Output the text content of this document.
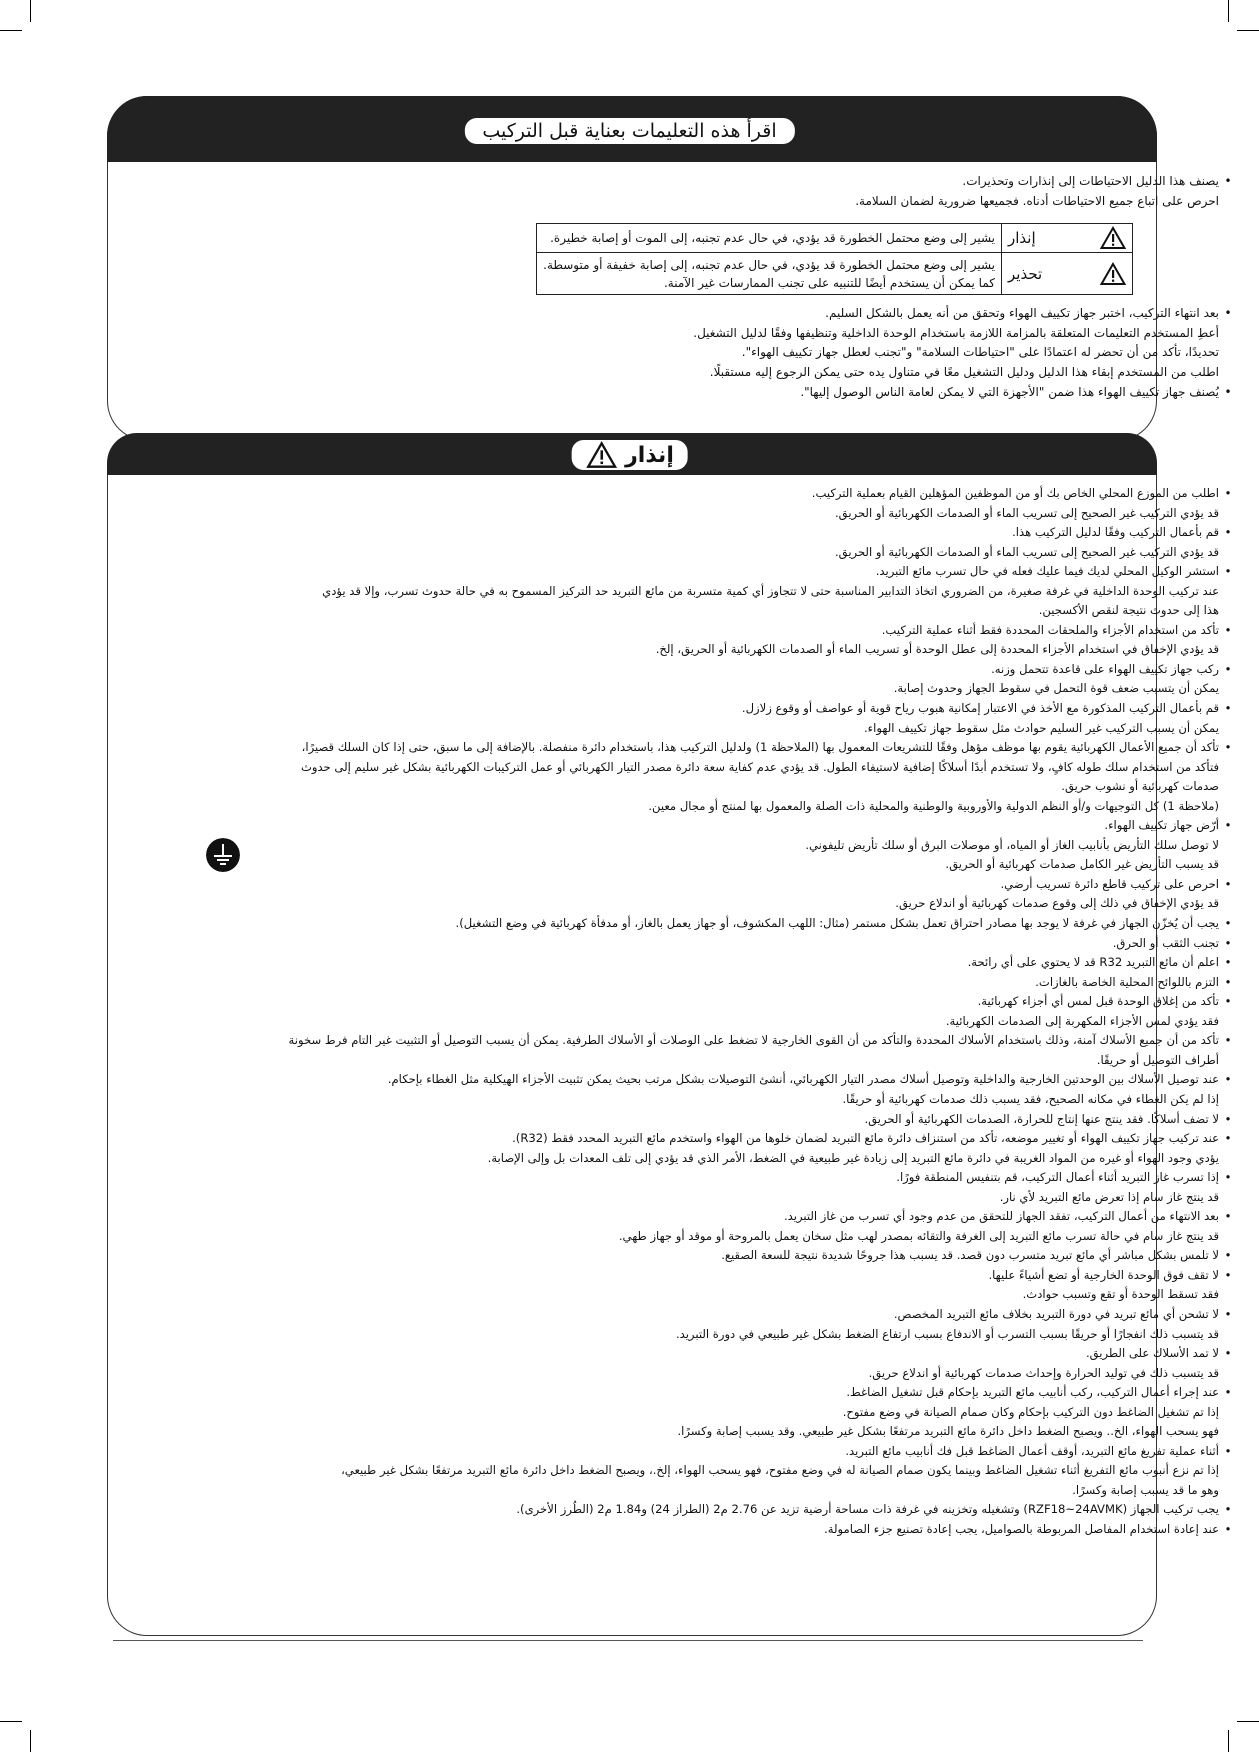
اقرأ هذه التعليمات بعناية قبل التركيب

• يصنف هذا الدليل الاحتياطات إلى إنذارات وتحذيرات.

احرص على اتباع جميع الاحتياطات أدناه. فجميعها ضرورية لضمان السلامة.

إنذار	يشير إلى وضع محتمل الخطورة قد يؤدي، في حال عدم تجنبه، إلى الموت أو إصابة خطيرة.

تحذير	يشير إلى وضع محتمل الخطورة قد يؤدي، في حال عدم تجنبه، إلى إصابة خفيفة أو متوسطة.
كما يمكن أن يستخدم أيضًا للتنبيه على تجنب الممارسات غير الآمنة.

• بعد انتهاء التركيب، اختبر جهاز تكييف الهواء وتحقق من أنه يعمل بالشكل السليم.

أعطِ المستخدم التعليمات المتعلقة بالمزامة اللازمة باستخدام الوحدة الداخلية وتنظيفها وفقًا لدليل التشغيل.

تحديدًا، تأكد من أن تحضر له اعتمادًا على "احتياطات السلامة" و"تجنب لعطل جهاز تكييف الهواء".

اطلب من المستخدم إبقاء هذا الدليل ودليل التشغيل معًا في متناول يده حتى يمكن الرجوع إليه مستقبلًا.

• يُصنف جهاز تكييف الهواء هذا ضمن "الأجهزة التي لا يمكن لعامة الناس الوصول إليها".

إنذار

• اطلب من الموزع المحلي الخاص بك أو من الموظفين المؤهلين القيام بعملية التركيب.

قد يؤدي التركيب غير الصحيح إلى تسريب الماء أو الصدمات الكهربائية أو الحريق.

• قم بأعمال التركيب وفقًا لدليل التركيب هذا.

قد يؤدي التركيب غير الصحيح إلى تسريب الماء أو الصدمات الكهربائية أو الحريق.

• استشر الوكيل المحلي لديك فيما عليك فعله في حال تسرب مائع التبريد.

عند تركيب الوحدة الداخلية في غرفة صغيرة، من الضروري اتخاذ التدابير المناسبة حتى لا تتجاوز أي كمية متسربة من مائع التبريد حد التركيز المسموح به في حالة حدوث تسرب، وإلا قد يؤدي

هذا إلى حدوث نتيجة لنقص الأكسجين.

• تأكد من استخدام الأجزاء والملحقات المحددة فقط أثناء عملية التركيب.

قد يؤدي الإخفاق في استخدام الأجزاء المحددة إلى عطل الوحدة أو تسريب الماء أو الصدمات الكهربائية أو الحريق، إلخ.

• ركب جهاز تكييف الهواء على قاعدة تتحمل وزنه.

يمكن أن يتسبب ضعف قوة التحمل في سقوط الجهاز وحدوث إصابة.

• قم بأعمال التركيب المذكورة مع الأخذ في الاعتبار إمكانية هبوب رياح قوية أو عواصف أو وقوع زلازل.

يمكن أن يسبب التركيب غير السليم حوادث مثل سقوط جهاز تكييف الهواء.

• تأكد أن جميع الأعمال الكهربائية يقوم بها موظف مؤهل وفقًا للتشريعات المعمول بها (الملاحظة 1) ولدليل التركيب هذا، باستخدام دائرة منفصلة. بالإضافة إلى ما سبق، حتى إذا كان السلك قصيرًا،

فتأكد من استخدام سلك طوله كافٍ، ولا تستخدم أبدًا أسلاكًا إضافية لاستيفاء الطول. قد يؤدي عدم كفاية سعة دائرة مصدر التيار الكهربائي أو عمل التركيبات الكهربائية بشكل غير سليم إلى حدوث

صدمات كهربائية أو نشوب حريق.

(ملاحظة 1) كل التوجيهات و/أو النظم الدولية والأوروبية والوطنية والمحلية ذات الصلة والمعمول بها لمنتج أو مجال معين.

• أرّض جهاز تكييف الهواء.

لا توصل سلك التأريض بأنابيب الغاز أو المياه، أو موصلات البرق أو سلك تأريض تليفوني.

قد يسبب التأريض غير الكامل صدمات كهربائية أو الحريق.

• احرص على تركيب قاطع دائرة تسريب أرضي.

قد يؤدي الإخفاق في ذلك إلى وقوع صدمات كهربائية أو اندلاع حريق.

• يجب أن يُخزّن الجهاز في غرفة لا يوجد بها مصادر احتراق تعمل بشكل مستمر (مثال: اللهب المكشوف، أو جهاز يعمل بالغاز، أو مدفأة كهربائية في وضع التشغيل).

• تجنب الثقب أو الحرق.

• اعلم أن مائع التبريد R32 قد لا يحتوي على أي رائحة.

• التزم باللوائح المحلية الخاصة بالغازات.

• تأكد من إغلاق الوحدة قبل لمس أي أجزاء كهربائية.

فقد يؤدي لمس الأجزاء المكهربة إلى الصدمات الكهربائية.

• تأكد من أن جميع الأسلاك آمنة، وذلك باستخدام الأسلاك المحددة والتأكد من أن القوى الخارجية لا تضغط على الوصلات أو الأسلاك الطرفية. يمكن أن يسبب التوصيل أو التثبيت غير التام فرط سخونة

أطراف التوصيل أو حريقًا.

• عند توصيل الأسلاك بين الوحدتين الخارجية والداخلية وتوصيل أسلاك مصدر التيار الكهربائي، أنشئ التوصيلات بشكل مرتب بحيث يمكن تثبيت الأجزاء الهيكلية مثل الغطاء بإحكام.

إذا لم يكن الغطاء في مكانه الصحيح، فقد يسبب ذلك صدمات كهربائية أو حريقًا.

• لا تضف أسلاكًا. فقد ينتج عنها إنتاج للحرارة، الصدمات الكهربائية أو الحريق.

• عند تركيب جهاز تكييف الهواء أو تغيير موضعه، تأكد من استنزاف دائرة مائع التبريد لضمان خلوها من الهواء واستخدم مائع التبريد المحدد فقط (R32).

يؤدي وجود الهواء أو غيره من المواد الغريبة في دائرة مائع التبريد إلى زيادة غير طبيعية في الضغط، الأمر الذي قد يؤدي إلى تلف المعدات بل وإلى الإصابة.

• إذا تسرب غاز التبريد أثناء أعمال التركيب، قم بتنفيس المنطقة فورًا.

قد ينتج غاز سام إذا تعرض مائع التبريد لأي نار.

• بعد الانتهاء من أعمال التركيب، تفقد الجهاز للتحقق من عدم وجود أي تسرب من غاز التبريد.

قد ينتج غاز سام في حالة تسرب مائع التبريد إلى الغرفة والتقائه بمصدر لهب مثل سخان يعمل بالمروحة أو موقد أو جهاز طهي.

• لا تلمس بشكل مباشر أي مائع تبريد متسرب دون قصد. قد يسبب هذا جروحًا شديدة نتيجة للسعة الصقيع.

• لا تقف فوق الوحدة الخارجية أو تضع أشياءً عليها.

فقد تسقط الوحدة أو تقع وتسبب حوادث.

• لا تشحن أي مائع تبريد في دورة التبريد بخلاف مائع التبريد المخصص.

قد يتسبب ذلك انفجارًا أو حريقًا بسبب التسرب أو الاندفاع بسبب ارتفاع الضغط بشكل غير طبيعي في دورة التبريد.

• لا تمد الأسلاك على الطريق.

قد يتسبب ذلك في توليد الحرارة وإحداث صدمات كهربائية أو اندلاع حريق.

• عند إجراء أعمال التركيب، ركب أنابيب مائع التبريد بإحكام قبل تشغيل الضاغط.

إذا تم تشغيل الضاغط دون التركيب بإحكام وكان صمام الصيانة في وضع مفتوح.

فهو يسحب الهواء، الخ.. ويصبح الضغط داخل دائرة مائع التبريد مرتفعًا بشكل غير طبيعي. وقد يسبب إصابة وكسرًا.

• أثناء عملية تفريغ مائع التبريد، أوقف أعمال الضاغط قبل فك أنابيب مائع التبريد.

إذا تم نزع أنبوب مائع التفريغ أثناء تشغيل الضاغط وبينما يكون صمام الصيانة له في وضع مفتوح، فهو يسحب الهواء، إلخ.، ويصبح الضغط داخل دائرة مائع التبريد مرتفعًا بشكل غير طبيعي،

وهو ما قد يسبب إصابة وكسرًا.

• يجب تركيب الجهاز (RZF18~24AVMK) وتشغيله وتخزينه في غرفة ذات مساحة أرضية تزيد عن 2.76 م2 (الطراز 24) و1.84 م2 (الطُرز الأخرى).

• عند إعادة استخدام المفاصل المربوطة بالصواميل، يجب إعادة تصنيع جزء الصامولة.
